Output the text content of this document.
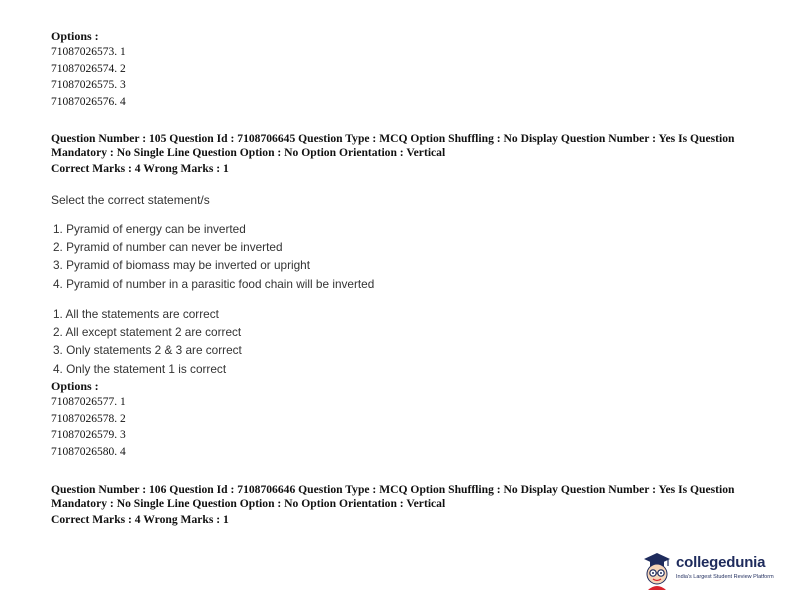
Options :
71087026573. 1
71087026574. 2
71087026575. 3
71087026576. 4
Question Number : 105 Question Id : 7108706645 Question Type : MCQ Option Shuffling : No Display Question Number : Yes Is Question Mandatory : No Single Line Question Option : No Option Orientation : Vertical
Correct Marks : 4 Wrong Marks : 1
Select the correct statement/s
1. Pyramid of energy can be inverted
2. Pyramid of number can never be inverted
3. Pyramid of biomass may be inverted or upright
4. Pyramid of number in a parasitic food chain will be inverted
1. All the statements are correct
2. All except statement 2 are correct
3. Only statements 2 & 3 are correct
4. Only the statement 1 is correct
Options :
71087026577. 1
71087026578. 2
71087026579. 3
71087026580. 4
Question Number : 106 Question Id : 7108706646 Question Type : MCQ Option Shuffling : No Display Question Number : Yes Is Question Mandatory : No Single Line Question Option : No Option Orientation : Vertical
Correct Marks : 4 Wrong Marks : 1
collegedunia
India's Largest Student Review Platform
